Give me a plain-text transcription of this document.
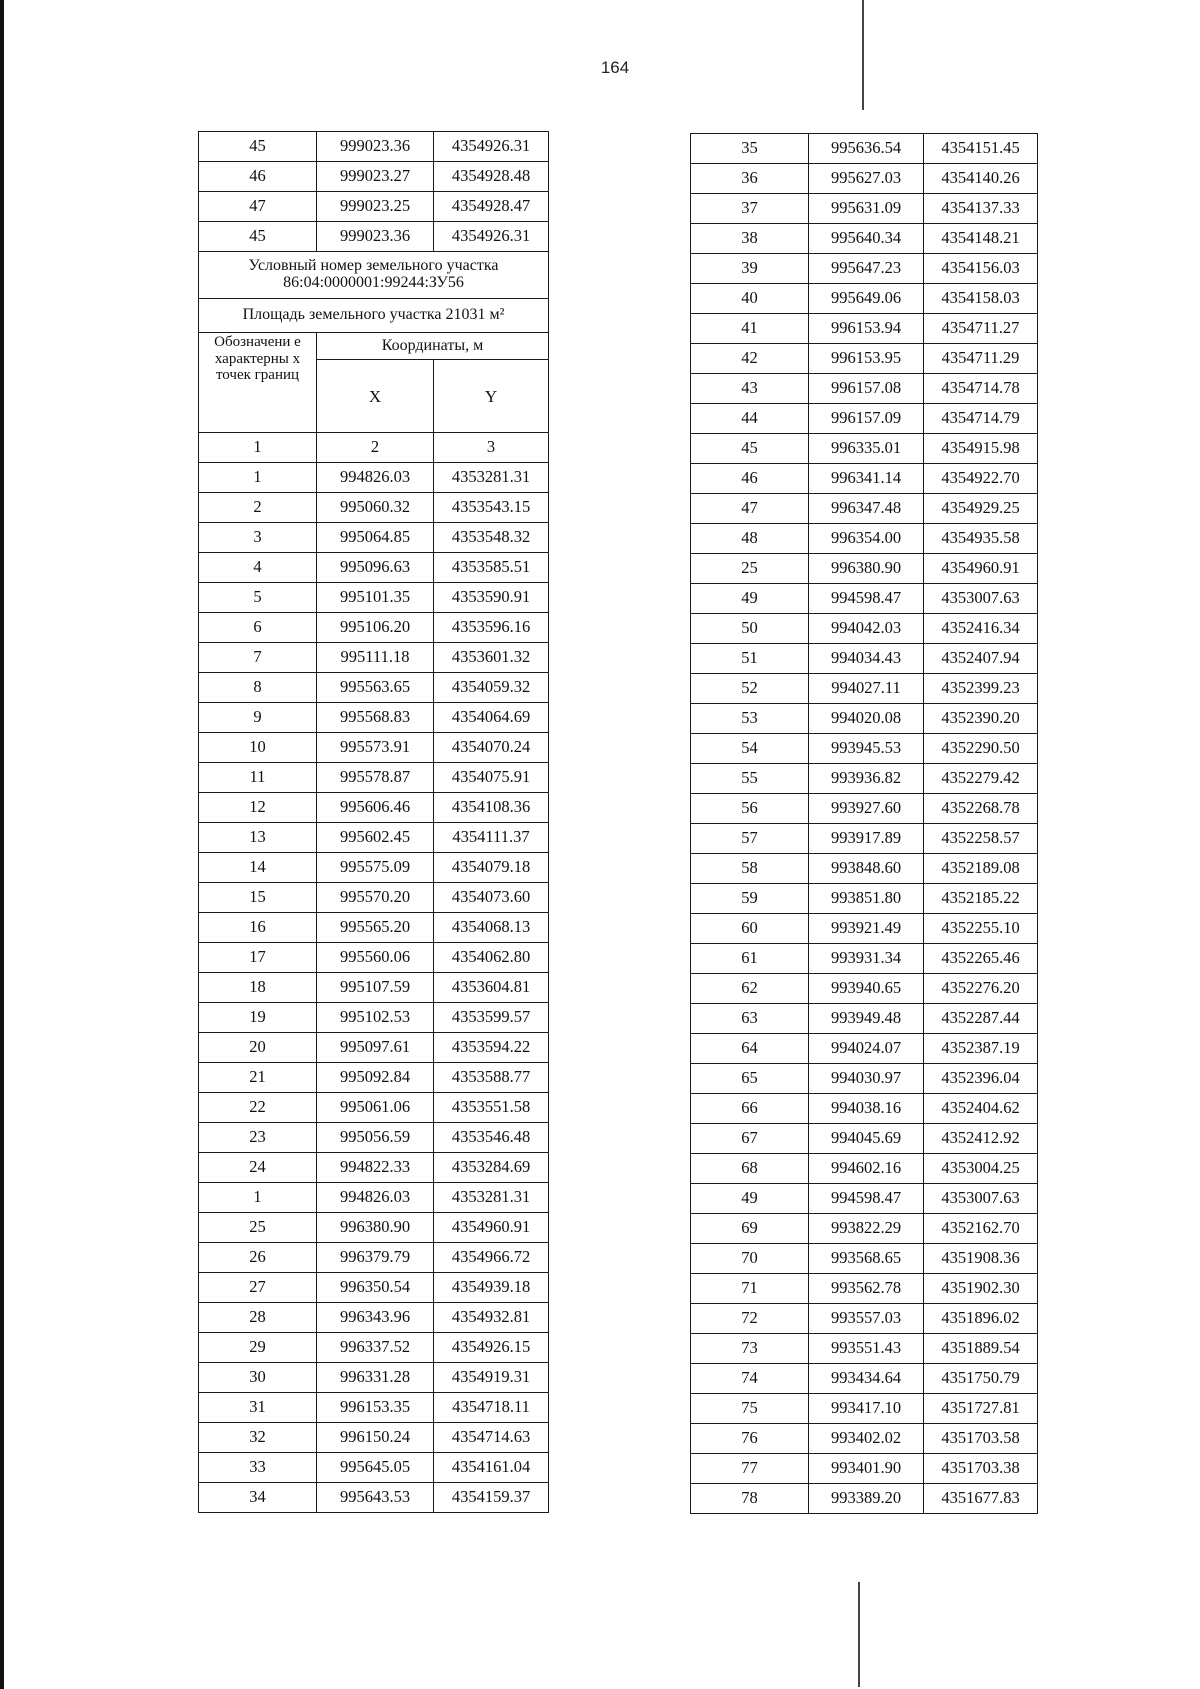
164
45	999023.36	4354926.31
46	999023.27	4354928.48
47	999023.25	4354928.47
45	999023.36	4354926.31

Условный номер земельного участка
86:04:0000001:99244:ЗУ56		

Площадь земельного участка 21031 м²		
Обозначени е характерны х точек границ	Координаты, м	
	X	Y
1	2	3
1	994826.03	4353281.31
2	995060.32	4353543.15
3	995064.85	4353548.32
4	995096.63	4353585.51
5	995101.35	4353590.91
6	995106.20	4353596.16
7	995111.18	4353601.32
8	995563.65	4354059.32
9	995568.83	4354064.69
10	995573.91	4354070.24
11	995578.87	4354075.91
12	995606.46	4354108.36
13	995602.45	4354111.37
14	995575.09	4354079.18
15	995570.20	4354073.60
16	995565.20	4354068.13
17	995560.06	4354062.80
18	995107.59	4353604.81
19	995102.53	4353599.57
20	995097.61	4353594.22
21	995092.84	4353588.77
22	995061.06	4353551.58
23	995056.59	4353546.48
24	994822.33	4353284.69
1	994826.03	4353281.31
25	996380.90	4354960.91
26	996379.79	4354966.72
27	996350.54	4354939.18
28	996343.96	4354932.81
29	996337.52	4354926.15
30	996331.28	4354919.31
31	996153.35	4354718.11
32	996150.24	4354714.63
33	995645.05	4354161.04
34	995643.53	4354159.37
35	995636.54	4354151.45
36	995627.03	4354140.26
37	995631.09	4354137.33
38	995640.34	4354148.21
39	995647.23	4354156.03
40	995649.06	4354158.03
41	996153.94	4354711.27
42	996153.95	4354711.29
43	996157.08	4354714.78
44	996157.09	4354714.79
45	996335.01	4354915.98
46	996341.14	4354922.70
47	996347.48	4354929.25
48	996354.00	4354935.58
25	996380.90	4354960.91
49	994598.47	4353007.63
50	994042.03	4352416.34
51	994034.43	4352407.94
52	994027.11	4352399.23
53	994020.08	4352390.20
54	993945.53	4352290.50
55	993936.82	4352279.42
56	993927.60	4352268.78
57	993917.89	4352258.57
58	993848.60	4352189.08
59	993851.80	4352185.22
60	993921.49	4352255.10
61	993931.34	4352265.46
62	993940.65	4352276.20
63	993949.48	4352287.44
64	994024.07	4352387.19
65	994030.97	4352396.04
66	994038.16	4352404.62
67	994045.69	4352412.92
68	994602.16	4353004.25
49	994598.47	4353007.63
69	993822.29	4352162.70
70	993568.65	4351908.36
71	993562.78	4351902.30
72	993557.03	4351896.02
73	993551.43	4351889.54
74	993434.64	4351750.79
75	993417.10	4351727.81
76	993402.02	4351703.58
77	993401.90	4351703.38
78	993389.20	4351677.83
